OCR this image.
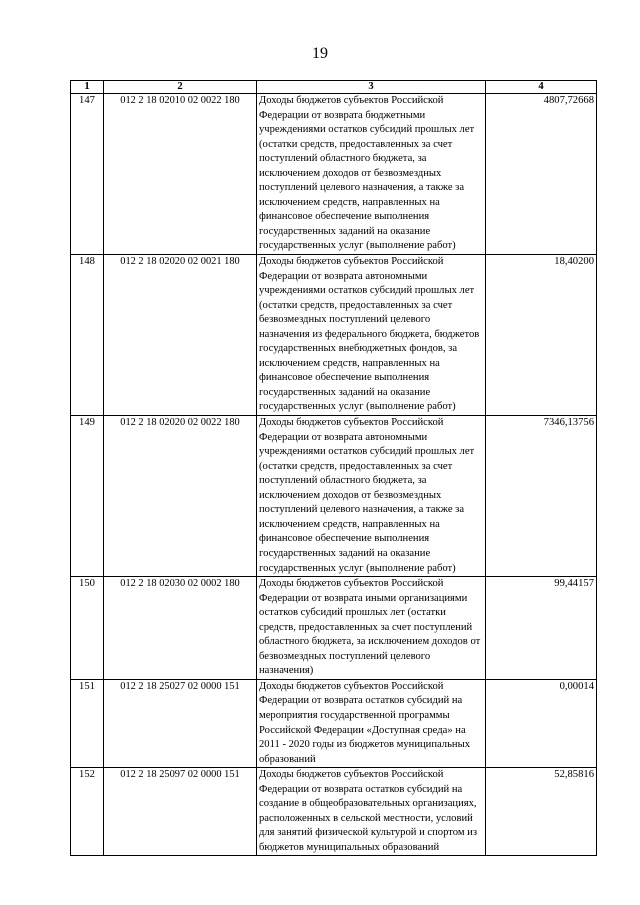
19
1	2	3	4
147	012 2 18 02010 02 0022 180	Доходы бюджетов субъектов Российской Федерации от возврата бюджетными учреждениями остатков субсидий прошлых лет (остатки средств, предоставленных за счет поступлений областного бюджета, за исключением доходов от безвозмездных поступлений целевого назначения, а также за исключением средств, направленных на финансовое обеспечение выполнения государственных заданий на оказание государственных услуг (выполнение работ)	4807,72668
148	012 2 18 02020 02 0021 180	Доходы бюджетов субъектов Российской Федерации от возврата автономными учреждениями остатков субсидий прошлых лет (остатки средств, предоставленных за счет безвозмездных поступлений целевого назначения из федерального бюджета, бюджетов государственных внебюджетных фондов, за исключением средств, направленных на финансовое обеспечение выполнения государственных заданий на оказание государственных услуг (выполнение работ)	18,40200
149	012 2 18 02020 02 0022 180	Доходы бюджетов субъектов Российской Федерации от возврата автономными учреждениями остатков субсидий прошлых лет (остатки средств, предоставленных за счет поступлений областного бюджета, за исключением доходов от безвозмездных поступлений целевого назначения, а также за исключением средств, направленных на финансовое обеспечение выполнения государственных заданий на оказание государственных услуг (выполнение работ)	7346,13756
150	012 2 18 02030 02 0002 180	Доходы бюджетов субъектов Российской Федерации от возврата иными организациями остатков субсидий прошлых лет (остатки средств, предоставленных за счет поступлений областного бюджета, за исключением доходов от безвозмездных поступлений целевого назначения)	99,44157
151	012 2 18 25027 02 0000 151	Доходы бюджетов субъектов Российской Федерации от возврата остатков субсидий на мероприятия государственной программы Российской Федерации «Доступная среда» на 2011 - 2020 годы из бюджетов муниципальных образований	0,00014
152	012 2 18 25097 02 0000 151	Доходы бюджетов субъектов Российской Федерации от возврата остатков субсидий на создание в общеобразовательных организациях, расположенных в сельской местности, условий для занятий физической культурой и спортом из бюджетов муниципальных образований	52,85816
